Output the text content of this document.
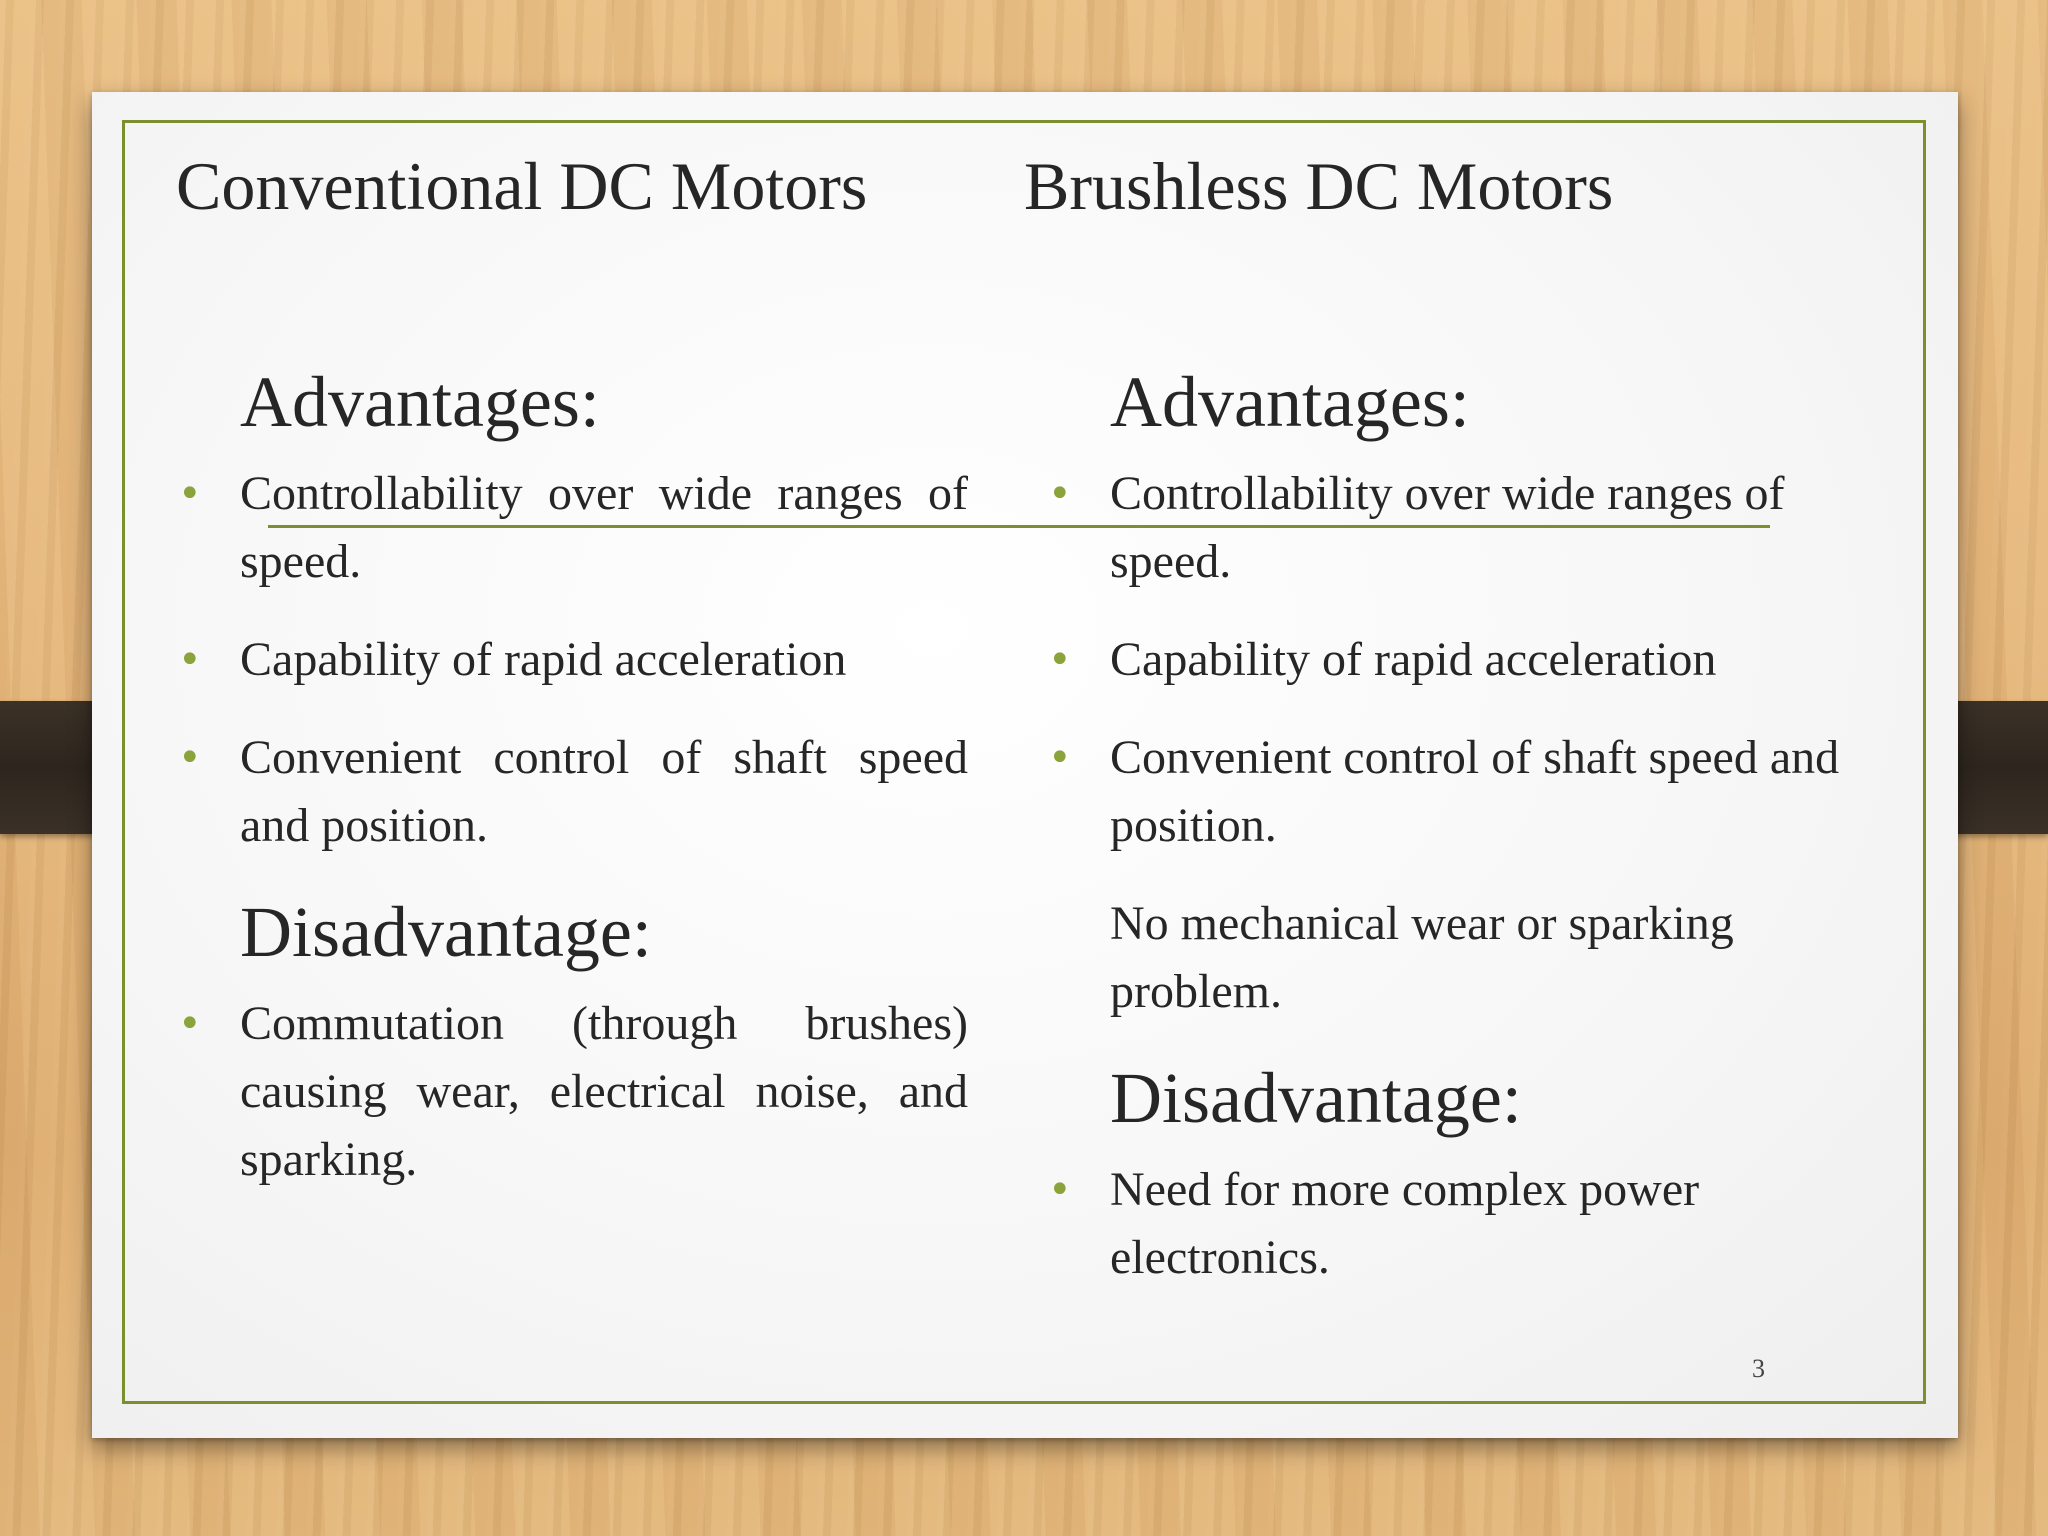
Conventional DC Motors Brushless DC Motors
Advantages:
• Controllability over wide ranges of speed.
• Capability of rapid acceleration
• Convenient control of shaft speed and position.
Disadvantage:
• Commutation (through brushes) causing wear, electrical noise, and sparking.
Advantages:
• Controllability over wide ranges of speed.
• Capability of rapid acceleration
• Convenient control of shaft speed and position.

No mechanical wear or sparking problem.

Disadvantage:
• Need for more complex power electronics.
3
